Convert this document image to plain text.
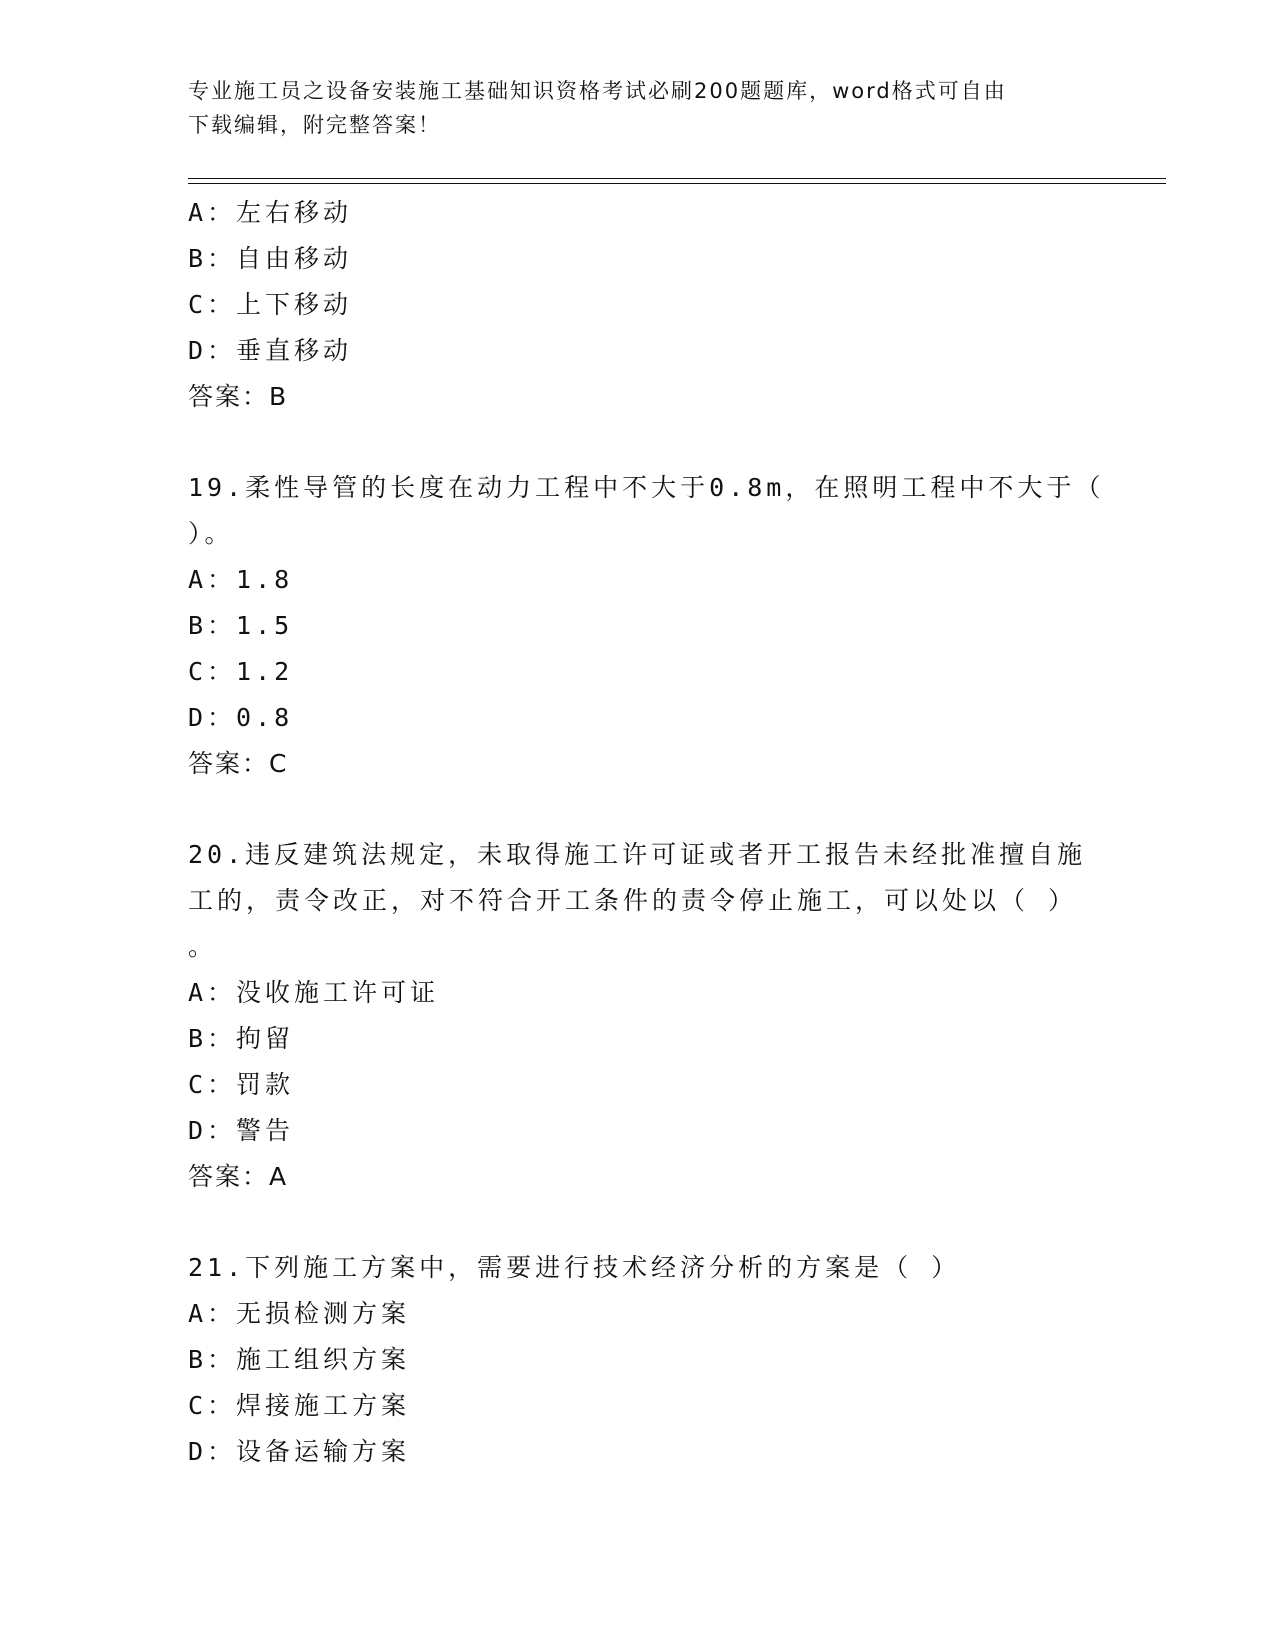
专业施工员之设备安装施工基础知识资格考试必刷200题题库，word格式可自由
下载编辑，附完整答案！
A：左右移动
B：自由移动
C：上下移动
D：垂直移动
答案：B
19.柔性导管的长度在动力工程中不大于0.8m，在照明工程中不大于（
）。
A：1.8
B：1.5
C：1.2
D：0.8
答案：C
20.违反建筑法规定，未取得施工许可证或者开工报告未经批准擅自施
工的，责令改正，对不符合开工条件的责令停止施工，可以处以（ ）
。
A：没收施工许可证
B：拘留
C：罚款
D：警告
答案：A
21.下列施工方案中，需要进行技术经济分析的方案是（ ）
A：无损检测方案
B：施工组织方案
C：焊接施工方案
D：设备运输方案
